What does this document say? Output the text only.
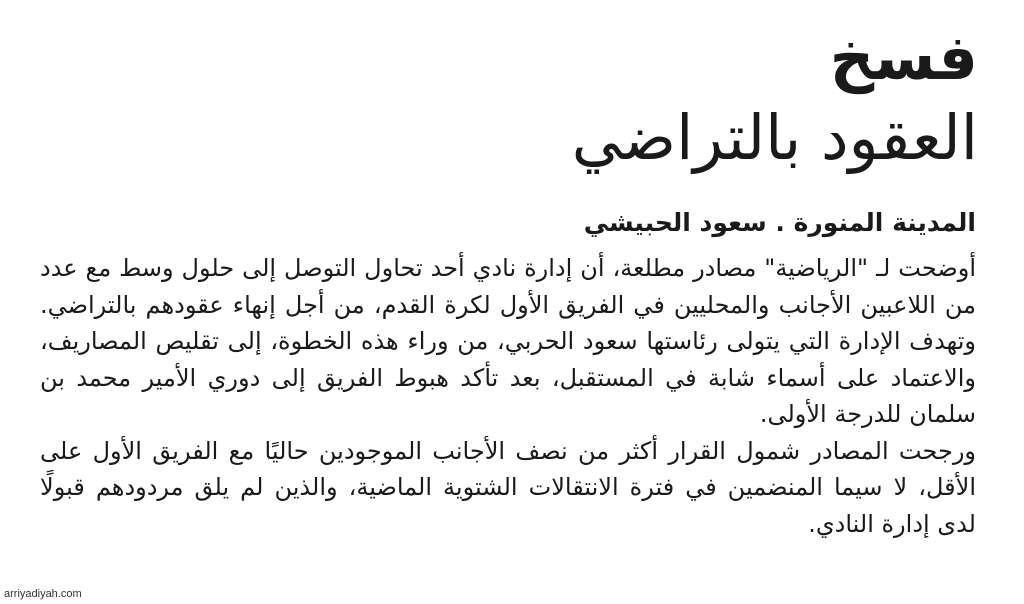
فسخ
العقود بالتراضي
المدينة المنورة . سعود الحبيشي

أوضحت لـ "الرياضية" مصادر مطلعة، أن إدارة نادي أحد تحاول التوصل إلى حلول وسط مع عدد من اللاعبين الأجانب والمحليين في الفريق الأول لكرة القدم، من أجل إنهاء عقودهم بالتراضي. وتهدف الإدارة التي يتولى رئاستها سعود الحربي، من وراء هذه الخطوة، إلى تقليص المصاريف، والاعتماد على أسماء شابة في المستقبل، بعد تأكد هبوط الفريق إلى دوري الأمير محمد بن سلمان للدرجة الأولى.

ورجحت المصادر شمول القرار أكثر من نصف الأجانب الموجودين حاليًا مع الفريق الأول على الأقل، لا سيما المنضمين في فترة الانتقالات الشتوية الماضية، والذين لم يلق مردودهم قبولًا لدى إدارة النادي.

arriyadiyah.com
